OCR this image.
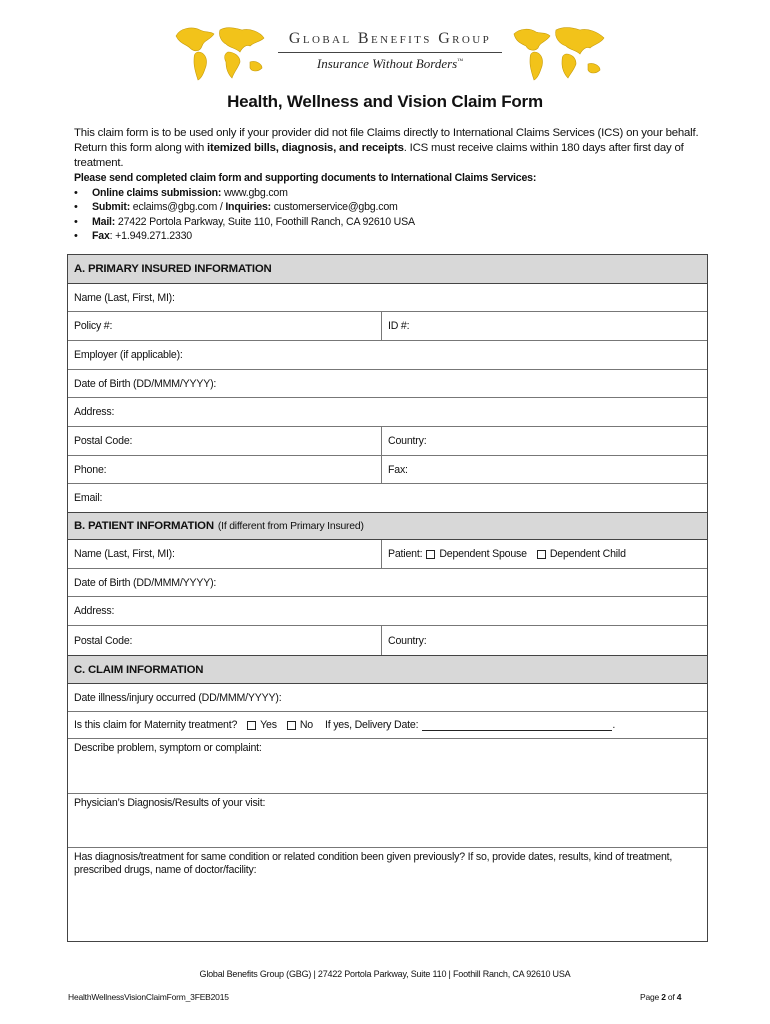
Global Benefits Group
Insurance Without Borders™
Health, Wellness and Vision Claim Form
This claim form is to be used only if your provider did not file Claims directly to International Claims Services (ICS) on your behalf. Return this form along with itemized bills, diagnosis, and receipts. ICS must receive claims within 180 days after first day of treatment.
Please send completed claim form and supporting documents to International Claims Services:
• Online claims submission: www.gbg.com
• Submit: eclaims@gbg.com / Inquiries: customerservice@gbg.com
• Mail: 27422 Portola Parkway, Suite 110, Foothill Ranch, CA 92610 USA
• Fax: +1.949.271.2330
A. PRIMARY INSURED INFORMATION
Name (Last, First, MI):
Policy #:	ID #:
Employer (if applicable):
Date of Birth (DD/MMM/YYYY):
Address:
Postal Code:	Country:
Phone:	Fax:
Email:
B. PATIENT INFORMATION (If different from Primary Insured)
Name (Last, First, MI):	Patient: Dependent Spouse Dependent Child
Date of Birth (DD/MMM/YYYY):
Address:
Postal Code:	Country:
C. CLAIM INFORMATION
Date illness/injury occurred (DD/MMM/YYYY):
Is this claim for Maternity treatment? Yes No If yes, Delivery Date:	.
Describe problem, symptom or complaint:
Physician’s Diagnosis/Results of your visit:
Has diagnosis/treatment for same condition or related condition been given previously? If so, provide dates, results, kind of treatment, prescribed drugs, name of doctor/facility:
Global Benefits Group (GBG) | 27422 Portola Parkway, Suite 110 | Foothill Ranch, CA 92610 USA
HealthWellnessVisionClaimForm_3FEB2015	Page 2 of 4
